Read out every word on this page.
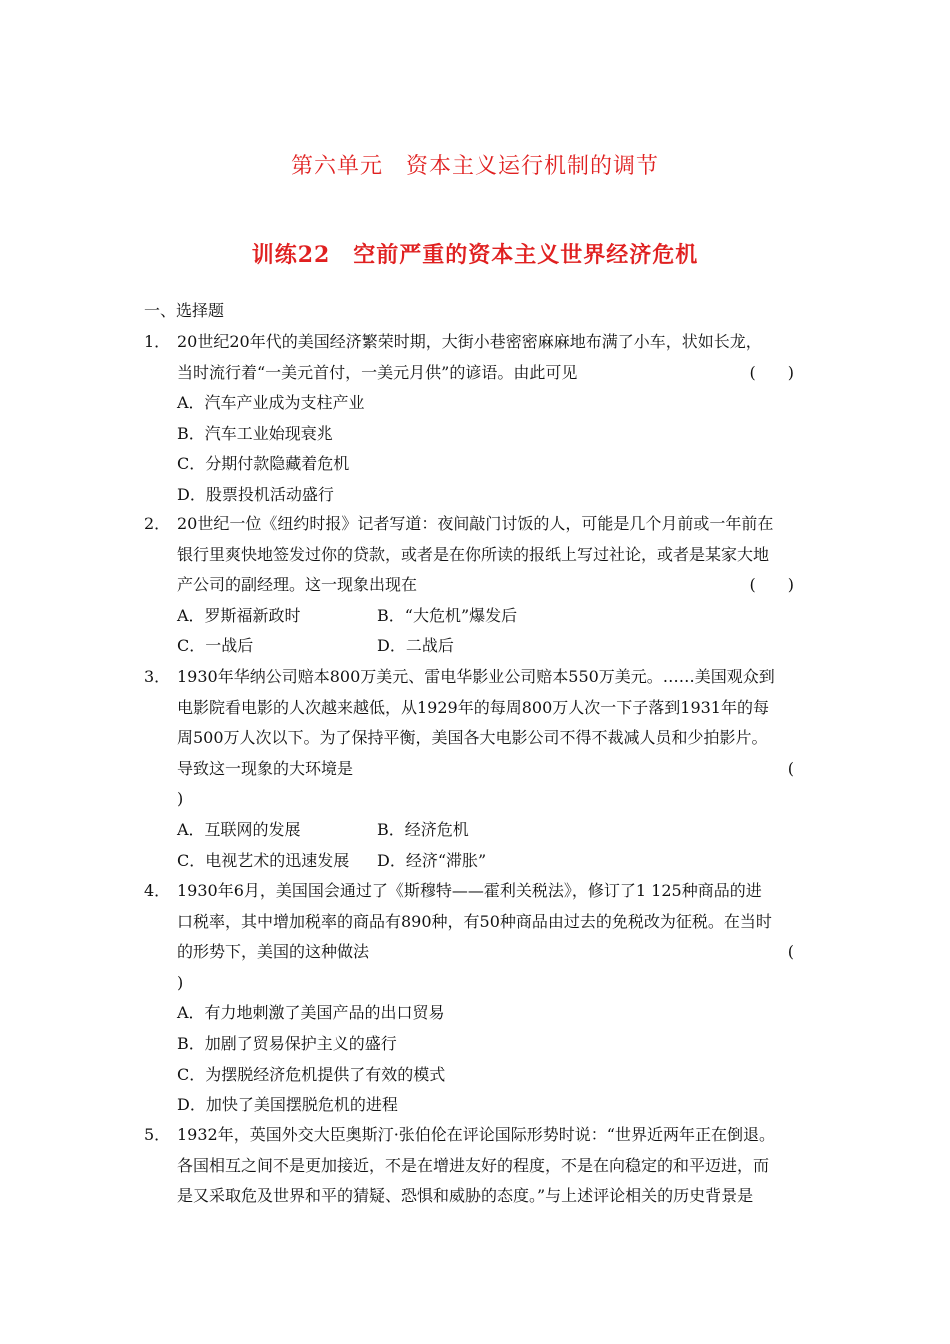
第六单元　资本主义运行机制的调节
训练22　空前严重的资本主义世界经济危机
一、选择题
1． 20世纪20年代的美国经济繁荣时期，大街小巷密密麻麻地布满了小车，状如长龙，
当时流行着“一美元首付，一美元月供”的谚语。由此可见	(　　)
A．汽车产业成为支柱产业
B．汽车工业始现衰兆
C．分期付款隐藏着危机
D．股票投机活动盛行
2． 20世纪一位《纽约时报》记者写道：夜间敲门讨饭的人，可能是几个月前或一年前在
银行里爽快地签发过你的贷款，或者是在你所读的报纸上写过社论，或者是某家大地
产公司的副经理。这一现象出现在	(　　)
A．罗斯福新政时	B．“大危机”爆发后
C．一战后	D．二战后
3． 1930年华纳公司赔本800万美元、雷电华影业公司赔本550万美元。……美国观众到
电影院看电影的人次越来越低，从1929年的每周800万人次一下子落到1931年的每
周500万人次以下。为了保持平衡，美国各大电影公司不得不裁减人员和少拍影片。
导致这一现象的大环境是	(
)
A．互联网的发展	B．经济危机
C．电视艺术的迅速发展	D．经济“滞胀”
4． 1930年6月，美国国会通过了《斯穆特——霍利关税法》，修订了1 125种商品的进
口税率，其中增加税率的商品有890种，有50种商品由过去的免税改为征税。在当时
的形势下，美国的这种做法	(
)
A．有力地刺激了美国产品的出口贸易
B．加剧了贸易保护主义的盛行
C．为摆脱经济危机提供了有效的模式
D．加快了美国摆脱危机的进程
5． 1932年，英国外交大臣奥斯汀·张伯伦在评论国际形势时说：“世界近两年正在倒退。
各国相互之间不是更加接近，不是在增进友好的程度，不是在向稳定的和平迈进，而
是又采取危及世界和平的猜疑、恐惧和威胁的态度。”与上述评论相关的历史背景是
